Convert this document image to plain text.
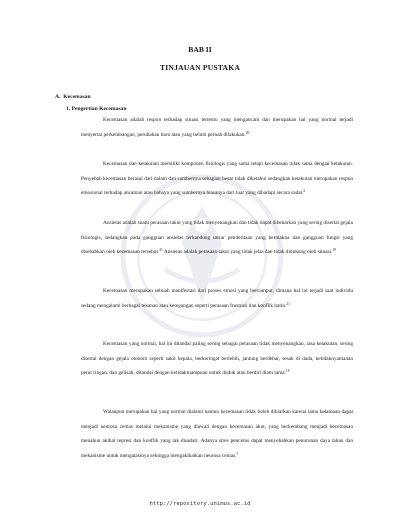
BAB II
TINJAUAN PUSTAKA
A. Kecemasan
1. Pengertian Kecemasan

Kecemasan adalah respon terhadap situasi tertentu yang mengancam dan merupakan hal yang normal terjadi menyertai perkembangan, perubahan baru atau yang belum pernah dilakukan.$^{20}$

Kecemasan dan ketakutan memiliki komponen fisiologis yang sama tetapi kecemasan tidak sama dengan ketakutan. Penyebab kecemasan berasal dari dalam dan sumbernya sebagian besar tidak diketahui sedangkan ketakutan merupakan respon emosional terhadap ancaman atau bahaya yang sumbernya biasanya dari luar yang dihadapi secara sadar.$^5$

Ansietas adalah suatu perasaan takut yang tidak menyenangkan dan tidak dapat dibenarkan yang sering disertai gejala fisiologis, sedangkan pada gangguan ansietas terkandung unsur penderitaan yang bermakna dan gangguan fungsi yang disebabkan oleh kecemasan tersebut.$^{21}$ Ansietas adalah perasaan takut yang tidak jelas dan tidak didukung oleh situasi.$^{19}$

Kecemasan merupakan sebuah manifestasi dari proses emosi yang bercampur, dimana hal ini terjadi saat individu sedang mengalami berbagai tekanan atau ketegangan seperti perasaan frustrasi dan konflik batin.$^{21}$

Kecemasan yang normal, hal ini ditandai paling sering sebagai perasaan tidak menyenangkan, rasa ketakutan, sering disertai dengan gejala otonom seperti sakit kepala, berkeringat berlebih, jantung berdebar, sesak di dada, ketidaknyamanan perut ringan, dan gelisah, ditandai dengan ketidakmampuan untuk duduk atau berdiri diam lama.$^{19}$

Walaupun merupakan hal yang normal dialami namun kecemasan tidak boleh dibiarkan karena lama kelamaan dapat menjadi neurosa cemas melalui mekanisme yang diawali dengan kecemasan akut, yang berkembang menjadi kecemasan menahun akibat represi dan konflik yang tak disadari. Adanya stres pencetus dapat menyebabkan penurunan daya tahan dan mekanisme untuk mengatasinya sehingga mengakibatkan neurosa cemas.$^5$

http://repository.unimus.ac.id
